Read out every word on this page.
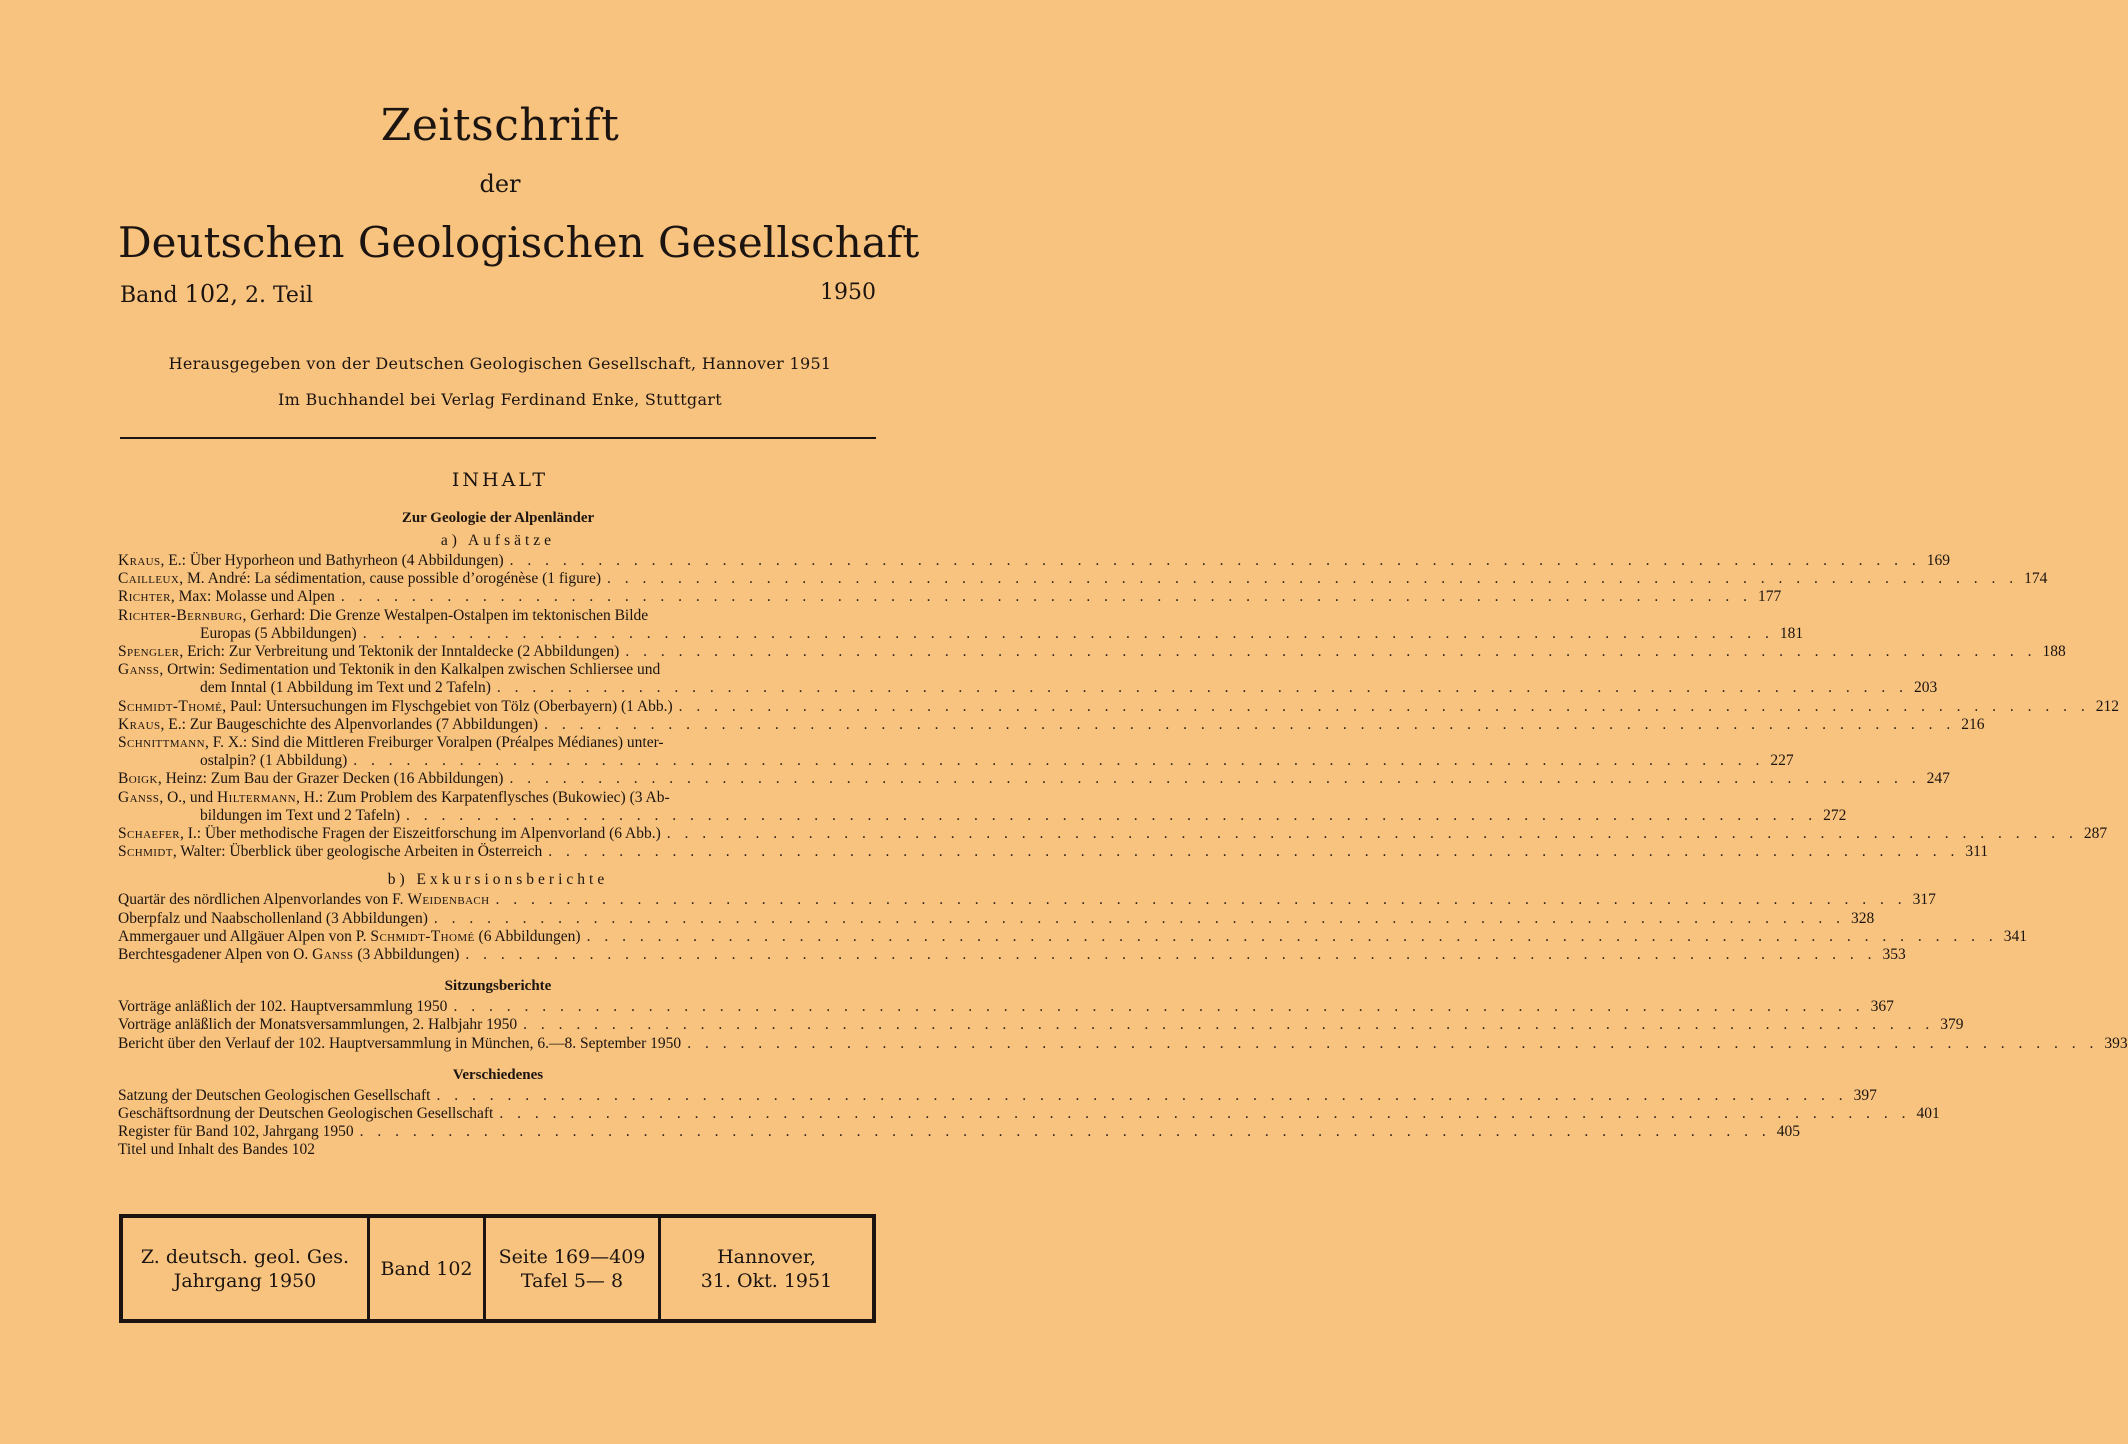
Zeitschrift
der
Deutschen Geologischen Gesellschaft
Band 102, 2. Teil	1950
Herausgegeben von der Deutschen Geologischen Gesellschaft, Hannover 1951
Im Buchhandel bei Verlag Ferdinand Enke, Stuttgart
INHALT
Zur Geologie der Alpenländer
a) Aufsätze
Kraus, E.: Über Hyporheon und Bathyrheon (4 Abbildungen) . . . . . . . . . . . . . . . . . . . . . . . . . . . . . . . . . . . . . . . . . . . . . . . . . . . . . . . . . . . . . . . . . . . . . . . . . . . . . . . . 169
Cailleux, M. André: La sédimentation, cause possible d’orogénèse (1 figure) . . . . . . . . . . . . . . . . . . . . . . . . . . . . . . . . . . . . . . . . . . . . . . . . . . . . . . . . . . . . . . . . . . . . . . . . . . . . . . . . 174
Richter, Max: Molasse und Alpen . . . . . . . . . . . . . . . . . . . . . . . . . . . . . . . . . . . . . . . . . . . . . . . . . . . . . . . . . . . . . . . . . . . . . . . . . . . . . . . . 177
Richter-Bernburg, Gerhard: Die Grenze Westalpen-Ostalpen im tektonischen Bilde
Europas (5 Abbildungen) . . . . . . . . . . . . . . . . . . . . . . . . . . . . . . . . . . . . . . . . . . . . . . . . . . . . . . . . . . . . . . . . . . . . . . . . . . . . . . . . 181
Spengler, Erich: Zur Verbreitung und Tektonik der Inntaldecke (2 Abbildungen) . . . . . . . . . . . . . . . . . . . . . . . . . . . . . . . . . . . . . . . . . . . . . . . . . . . . . . . . . . . . . . . . . . . . . . . . . . . . . . . . 188
Ganss, Ortwin: Sedimentation und Tektonik in den Kalkalpen zwischen Schliersee und
dem Inntal (1 Abbildung im Text und 2 Tafeln) . . . . . . . . . . . . . . . . . . . . . . . . . . . . . . . . . . . . . . . . . . . . . . . . . . . . . . . . . . . . . . . . . . . . . . . . . . . . . . . . 203
Schmidt-Thomé, Paul: Untersuchungen im Flyschgebiet von Tölz (Oberbayern) (1 Abb.) . . . . . . . . . . . . . . . . . . . . . . . . . . . . . . . . . . . . . . . . . . . . . . . . . . . . . . . . . . . . . . . . . . . . . . . . . . . . . . . . 212
Kraus, E.: Zur Baugeschichte des Alpenvorlandes (7 Abbildungen) . . . . . . . . . . . . . . . . . . . . . . . . . . . . . . . . . . . . . . . . . . . . . . . . . . . . . . . . . . . . . . . . . . . . . . . . . . . . . . . . 216
Schnittmann, F. X.: Sind die Mittleren Freiburger Voralpen (Préalpes Médianes) unter-
ostalpin? (1 Abbildung) . . . . . . . . . . . . . . . . . . . . . . . . . . . . . . . . . . . . . . . . . . . . . . . . . . . . . . . . . . . . . . . . . . . . . . . . . . . . . . . . 227
Boigk, Heinz: Zum Bau der Grazer Decken (16 Abbildungen) . . . . . . . . . . . . . . . . . . . . . . . . . . . . . . . . . . . . . . . . . . . . . . . . . . . . . . . . . . . . . . . . . . . . . . . . . . . . . . . . 247
Ganss, O., und Hiltermann, H.: Zum Problem des Karpatenflysches (Bukowiec) (3 Ab-
bildungen im Text und 2 Tafeln) . . . . . . . . . . . . . . . . . . . . . . . . . . . . . . . . . . . . . . . . . . . . . . . . . . . . . . . . . . . . . . . . . . . . . . . . . . . . . . . . 272
Schaefer, I.: Über methodische Fragen der Eiszeitforschung im Alpenvorland (6 Abb.) . . . . . . . . . . . . . . . . . . . . . . . . . . . . . . . . . . . . . . . . . . . . . . . . . . . . . . . . . . . . . . . . . . . . . . . . . . . . . . . . 287
Schmidt, Walter: Überblick über geologische Arbeiten in Österreich . . . . . . . . . . . . . . . . . . . . . . . . . . . . . . . . . . . . . . . . . . . . . . . . . . . . . . . . . . . . . . . . . . . . . . . . . . . . . . . . 311
b) Exkursionsberichte
Quartär des nördlichen Alpenvorlandes von F. Weidenbach . . . . . . . . . . . . . . . . . . . . . . . . . . . . . . . . . . . . . . . . . . . . . . . . . . . . . . . . . . . . . . . . . . . . . . . . . . . . . . . . 317
Oberpfalz und Naabschollenland (3 Abbildungen) . . . . . . . . . . . . . . . . . . . . . . . . . . . . . . . . . . . . . . . . . . . . . . . . . . . . . . . . . . . . . . . . . . . . . . . . . . . . . . . . 328
Ammergauer und Allgäuer Alpen von P. Schmidt-Thomé (6 Abbildungen) . . . . . . . . . . . . . . . . . . . . . . . . . . . . . . . . . . . . . . . . . . . . . . . . . . . . . . . . . . . . . . . . . . . . . . . . . . . . . . . . 341
Berchtesgadener Alpen von O. Ganss (3 Abbildungen) . . . . . . . . . . . . . . . . . . . . . . . . . . . . . . . . . . . . . . . . . . . . . . . . . . . . . . . . . . . . . . . . . . . . . . . . . . . . . . . . 353
Sitzungsberichte
Vorträge anläßlich der 102. Hauptversammlung 1950 . . . . . . . . . . . . . . . . . . . . . . . . . . . . . . . . . . . . . . . . . . . . . . . . . . . . . . . . . . . . . . . . . . . . . . . . . . . . . . . . 367
Vorträge anläßlich der Monatsversammlungen, 2. Halbjahr 1950 . . . . . . . . . . . . . . . . . . . . . . . . . . . . . . . . . . . . . . . . . . . . . . . . . . . . . . . . . . . . . . . . . . . . . . . . . . . . . . . . 379
Bericht über den Verlauf der 102. Hauptversammlung in München, 6.—8. September 1950 . . . . . . . . . . . . . . . . . . . . . . . . . . . . . . . . . . . . . . . . . . . . . . . . . . . . . . . . . . . . . . . . . . . . . . . . . . . . . . . . 393
Verschiedenes
Satzung der Deutschen Geologischen Gesellschaft . . . . . . . . . . . . . . . . . . . . . . . . . . . . . . . . . . . . . . . . . . . . . . . . . . . . . . . . . . . . . . . . . . . . . . . . . . . . . . . . 397
Geschäftsordnung der Deutschen Geologischen Gesellschaft . . . . . . . . . . . . . . . . . . . . . . . . . . . . . . . . . . . . . . . . . . . . . . . . . . . . . . . . . . . . . . . . . . . . . . . . . . . . . . . . 401
Register für Band 102, Jahrgang 1950 . . . . . . . . . . . . . . . . . . . . . . . . . . . . . . . . . . . . . . . . . . . . . . . . . . . . . . . . . . . . . . . . . . . . . . . . . . . . . . . . 405
Titel und Inhalt des Bandes 102
Z. deutsch. geol. Ges.
Jahrgang 1950
Band 102
Seite 169—409
Tafel 5— 8
Hannover,
31. Okt. 1951
